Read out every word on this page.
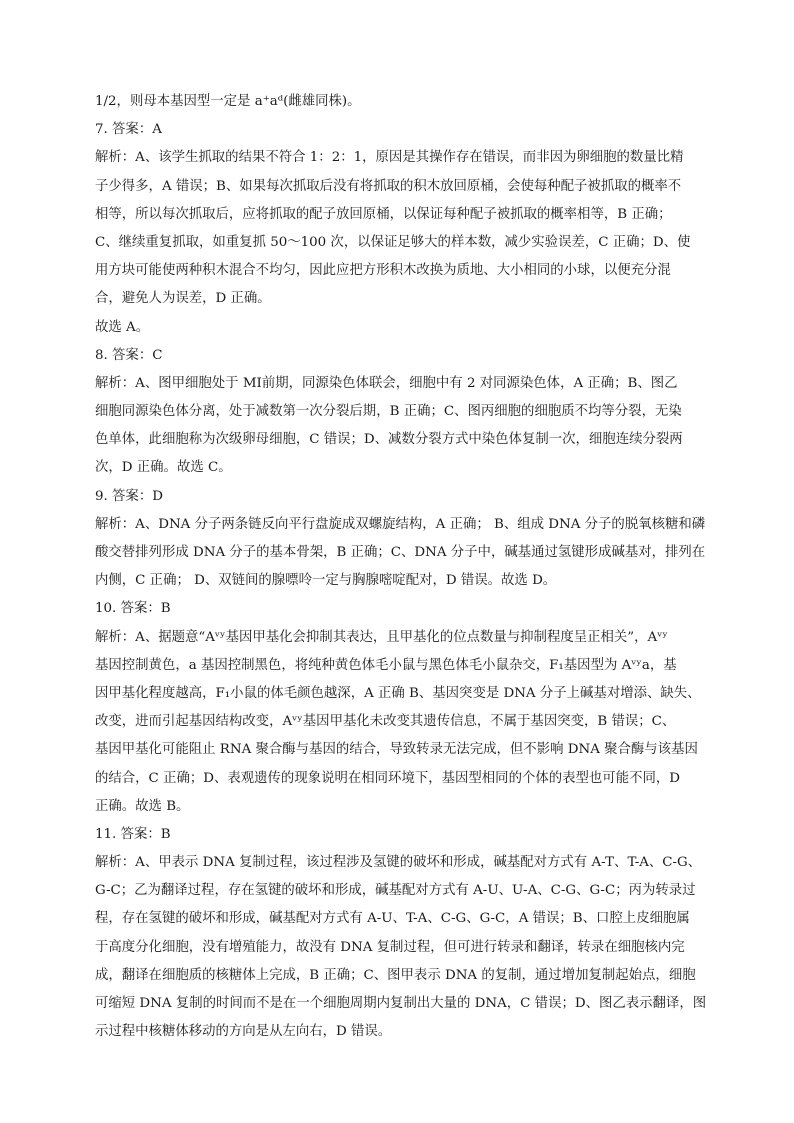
1/2，则母本基因型一定是 a⁺aᵈ(雌雄同株)。
7. 答案：A
解析：A、该学生抓取的结果不符合 1：2：1，原因是其操作存在错误，而非因为卵细胞的数量比精
子少得多，A 错误；B、如果每次抓取后没有将抓取的积木放回原桶，会使每种配子被抓取的概率不
相等，所以每次抓取后，应将抓取的配子放回原桶，以保证每种配子被抓取的概率相等，B 正确；
C、继续重复抓取，如重复抓 50～100 次，以保证足够大的样本数，减少实验误差，C 正确；D、使
用方块可能使两种积木混合不均匀，因此应把方形积木改换为质地、大小相同的小球，以便充分混
合，避免人为误差，D 正确。
故选 A。
8. 答案：C
解析：A、图甲细胞处于 MⅠ前期，同源染色体联会，细胞中有 2 对同源染色体，A 正确；B、图乙
细胞同源染色体分离，处于减数第一次分裂后期，B 正确；C、图丙细胞的细胞质不均等分裂，无染
色单体，此细胞称为次级卵母细胞，C 错误；D、减数分裂方式中染色体复制一次，细胞连续分裂两
次，D 正确。故选 C。
9. 答案：D
解析：A、DNA 分子两条链反向平行盘旋成双螺旋结构，A 正确； B、组成 DNA 分子的脱氧核糖和磷
酸交替排列形成 DNA 分子的基本骨架，B 正确；C、DNA 分子中，碱基通过氢键形成碱基对，排列在
内侧，C 正确； D、双链间的腺嘌呤一定与胸腺嘧啶配对，D 错误。故选 D。
10. 答案：B
解析：A、据题意“Aᵛʸ基因甲基化会抑制其表达，且甲基化的位点数量与抑制程度呈正相关”，Aᵛʸ
基因控制黄色，a 基因控制黑色，将纯种黄色体毛小鼠与黑色体毛小鼠杂交，F₁基因型为 Aᵛʸa，基
因甲基化程度越高，F₁小鼠的体毛颜色越深，A 正确 B、基因突变是 DNA 分子上碱基对增添、缺失、
改变，进而引起基因结构改变，Aᵛʸ基因甲基化未改变其遗传信息，不属于基因突变，B 错误；C、
基因甲基化可能阻止 RNA 聚合酶与基因的结合，导致转录无法完成，但不影响 DNA 聚合酶与该基因
的结合，C 正确；D、表观遗传的现象说明在相同环境下，基因型相同的个体的表型也可能不同，D
正确。故选 B。
11. 答案：B
解析：A、甲表示 DNA 复制过程，该过程涉及氢键的破坏和形成，碱基配对方式有 A-T、T-A、C-G、
G-C；乙为翻译过程，存在氢键的破坏和形成，碱基配对方式有 A-U、U-A、C-G、G-C；丙为转录过
程，存在氢键的破坏和形成，碱基配对方式有 A-U、T-A、C-G、G-C，A 错误；B、口腔上皮细胞属
于高度分化细胞，没有增殖能力，故没有 DNA 复制过程，但可进行转录和翻译，转录在细胞核内完
成，翻译在细胞质的核糖体上完成，B 正确；C、图甲表示 DNA 的复制，通过增加复制起始点，细胞
可缩短 DNA 复制的时间而不是在一个细胞周期内复制出大量的 DNA，C 错误；D、图乙表示翻译，图
示过程中核糖体移动的方向是从左向右，D 错误。
